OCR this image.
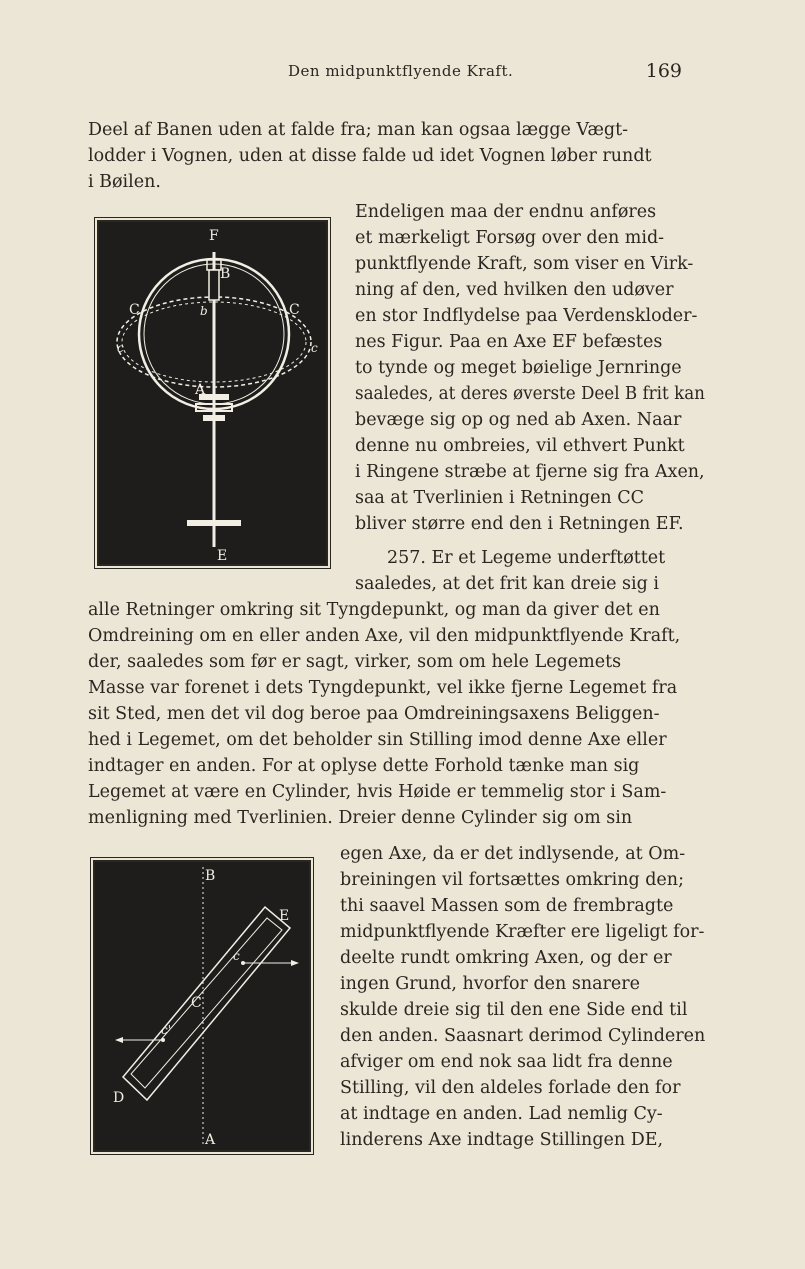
Den midpunktflyende Kraft.	169
Deel af Banen uden at falde fra; man kan ogsaa lægge Vægt-
lodder i Vognen, uden at disse falde ud idet Vognen løber rundt
i Bøilen.
F
B
b
C	C
c	c
A
E
Endeligen maa der endnu anføres
et mærkeligt Forsøg over den mid-
punktflyende Kraft, som viser en Virk-
ning af den, ved hvilken den udøver
en stor Indflydelse paa Verdenskloder-
nes Figur. Paa en Axe EF befæstes
to tynde og meget bøielige Jernringe
saaledes, at deres øverste Deel B frit kan
bevæge sig op og ned ab Axen. Naar
denne nu ombreies, vil ethvert Punkt
i Ringene stræbe at fjerne sig fra Axen,
saa at Tverlinien i Retningen CC
bliver større end den i Retningen EF.
257. Er et Legeme underftøttet
saaledes, at det frit kan dreie sig i
alle Retninger omkring sit Tyngdepunkt, og man da giver det en
Omdreining om en eller anden Axe, vil den midpunktflyende Kraft,
der, saaledes som før er sagt, virker, som om hele Legemets
Masse var forenet i dets Tyngdepunkt, vel ikke fjerne Legemet fra
sit Sted, men det vil dog beroe paa Omdreiningsaxens Beliggen-
hed i Legemet, om det beholder sin Stilling imod denne Axe eller
indtager en anden. For at oplyse dette Forhold tænke man sig
Legemet at være en Cylinder, hvis Høide er temmelig stor i Sam-
menligning med Tverlinien. Dreier denne Cylinder sig om sin
B
E
c
C
c'
D
A
egen Axe, da er det indlysende, at Om-
breiningen vil fortsættes omkring den;
thi saavel Massen som de frembragte
midpunktflyende Kræfter ere ligeligt for-
deelte rundt omkring Axen, og der er
ingen Grund, hvorfor den snarere
skulde dreie sig til den ene Side end til
den anden. Saasnart derimod Cylinderen
afviger om end nok saa lidt fra denne
Stilling, vil den aldeles forlade den for
at indtage en anden. Lad nemlig Cy-
linderens Axe indtage Stillingen DE,
